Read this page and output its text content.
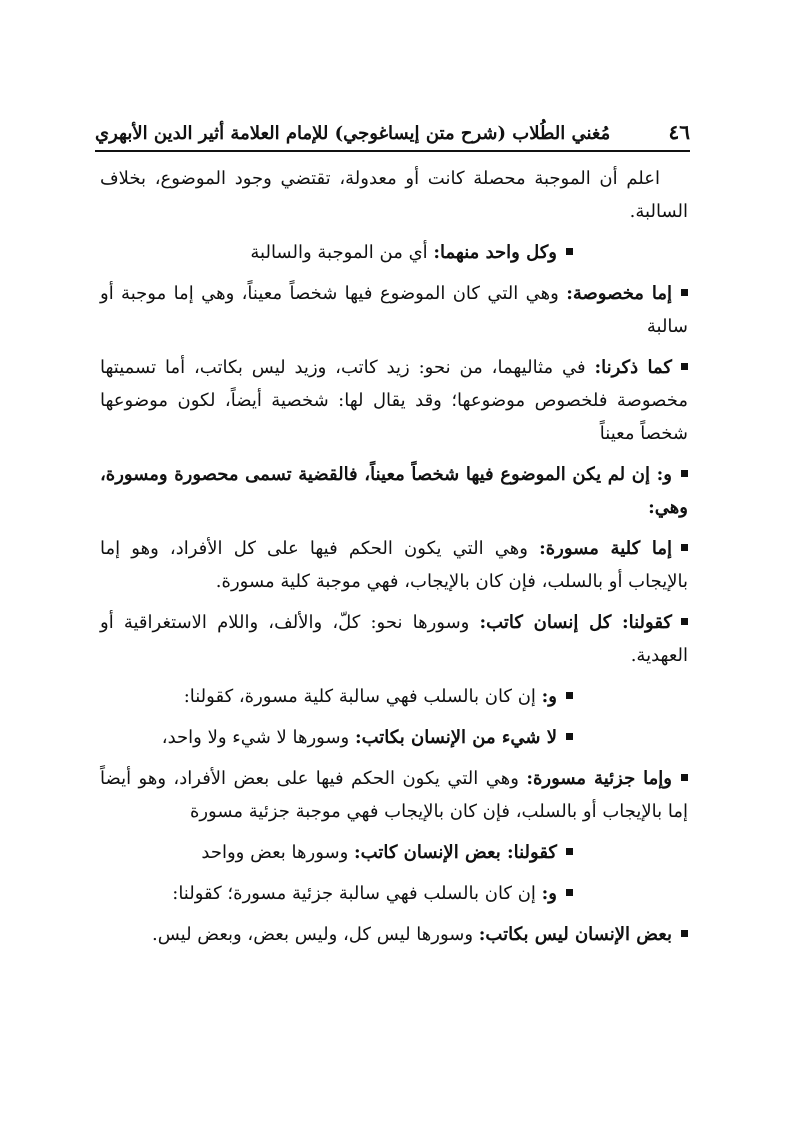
٤٦
مُغني الطُلاب (شرح متن إيساغوجي) للإمام العلامة أثير الدين الأبهري

اعلم أن الموجبة محصلة كانت أو معدولة، تقتضي وجود الموضوع، بخلاف السالبة.

وكل واحد منهما: أي من الموجبة والسالبة

إما مخصوصة: وهي التي كان الموضوع فيها شخصاً معيناً، وهي إما موجبة أو سالبة

كما ذكرنا: في مثاليهما، من نحو: زيد كاتب، وزيد ليس بكاتب، أما تسميتها مخصوصة فلخصوص موضوعها؛ وقد يقال لها: شخصية أيضاً، لكون موضوعها شخصاً معيناً

و: إن لم يكن الموضوع فيها شخصاً معيناً، فالقضية تسمى محصورة ومسورة، وهي:

إما كلية مسورة: وهي التي يكون الحكم فيها على كل الأفراد، وهو إما بالإيجاب أو بالسلب، فإن كان بالإيجاب، فهي موجبة كلية مسورة.

كقولنا: كل إنسان كاتب: وسورها نحو: كلّ، والألف، واللام الاستغراقية أو العهدية.

و: إن كان بالسلب فهي سالبة كلية مسورة، كقولنا:

لا شيء من الإنسان بكاتب: وسورها لا شيء ولا واحد،

وإما جزئية مسورة: وهي التي يكون الحكم فيها على بعض الأفراد، وهو أيضاً إما بالإيجاب أو بالسلب، فإن كان بالإيجاب فهي موجبة جزئية مسورة

كقولنا: بعض الإنسان كاتب: وسورها بعض وواحد

و: إن كان بالسلب فهي سالبة جزئية مسورة؛ كقولنا:

بعض الإنسان ليس بكاتب: وسورها ليس كل، وليس بعض، وبعض ليس.
